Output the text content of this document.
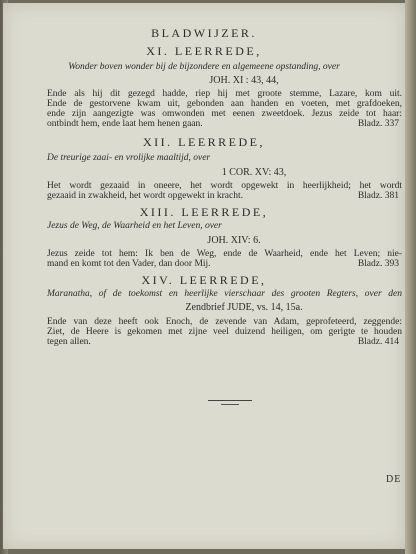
BLADWIJZER.
XI. LEERREDE,
Wonder boven wonder bij de bijzondere en algemeene opstanding, over
JOH. XI : 43, 44,
Ende als hij dit gezegd hadde, riep hij met groote stemme, Lazare, kom uit.
Ende de gestorvene kwam uit, gebonden aan handen en voeten, met grafdoeken,
ende zijn aangezigte was omwonden met eenen zweetdoek. Jezus zeide tot haar:
ontbindt hem, ende laat hem henen gaan.	Bladz. 337
XII. LEERREDE,
De treurige zaai- en vrolijke maaltijd, over
1 COR. XV: 43,
Het wordt gezaaid in oneere, het wordt opgewekt in heerlijkheid; het wordt
gezaaid in zwakheid, het wordt opgewekt in kracht.	Bladz. 381
XIII. LEERREDE,
Jezus de Weg, de Waarheid en het Leven, over
JOH. XIV: 6.
Jezus zeide tot hem: Ik ben de Weg, ende de Waarheid, ende het Leven; nie-
mand en komt tot den Vader, dan door Mij.	Bladz. 393
XIV. LEERREDE,
Maranatha, of de toekomst en heerlijke vierschaar des grooten Regters, over den
Zendbrief JUDE, vs. 14, 15a.
Ende van deze heeft ook Enoch, de zevende van Adam, geprofeteerd, zeggende:
Ziet, de Heere is gekomen met zijne veel duizend heiligen, om gerigte te houden
tegen allen.	Bladz. 414
DE
